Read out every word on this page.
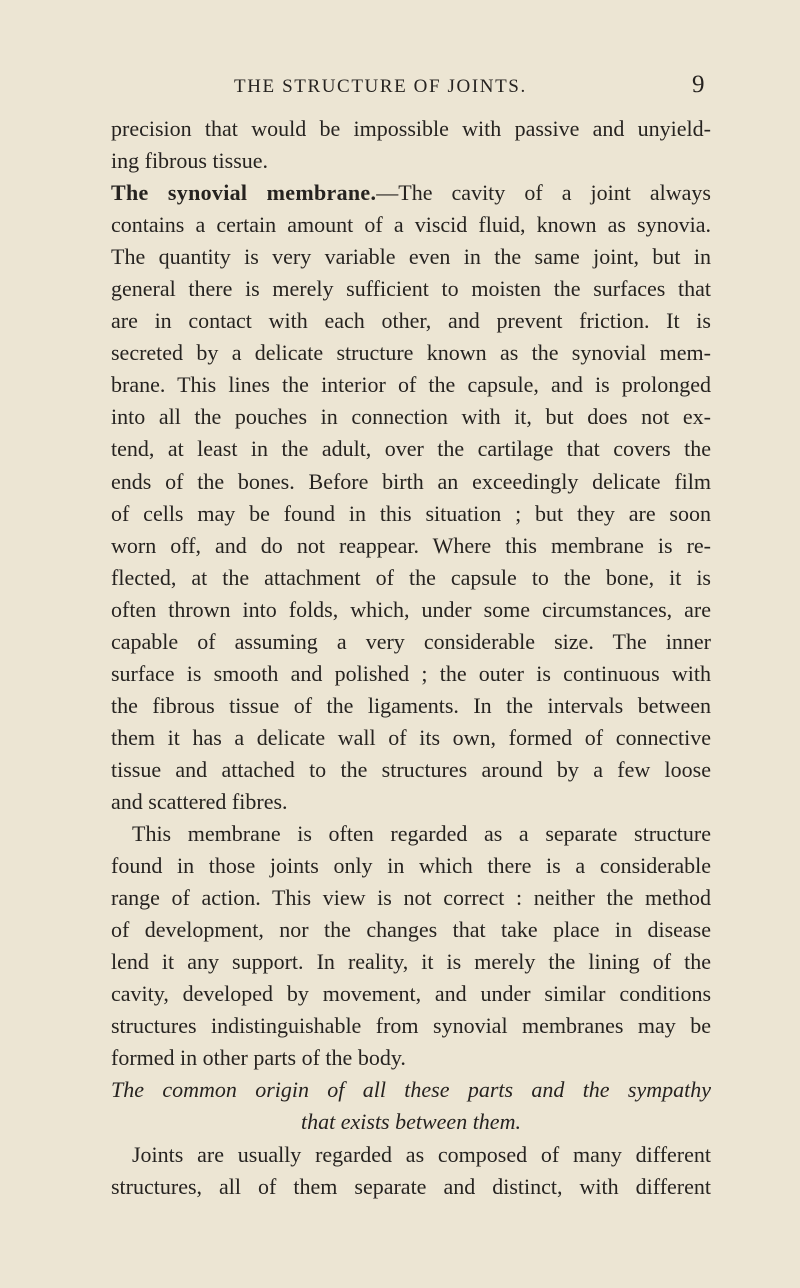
THE STRUCTURE OF JOINTS.	9
precision that would be impossible with passive and unyield-
ing fibrous tissue.
The synovial membrane.—The cavity of a joint always
contains a certain amount of a viscid fluid, known as synovia.
The quantity is very variable even in the same joint, but in
general there is merely sufficient to moisten the surfaces that
are in contact with each other, and prevent friction. It is
secreted by a delicate structure known as the synovial mem-
brane. This lines the interior of the capsule, and is prolonged
into all the pouches in connection with it, but does not ex-
tend, at least in the adult, over the cartilage that covers the
ends of the bones. Before birth an exceedingly delicate film
of cells may be found in this situation ; but they are soon
worn off, and do not reappear. Where this membrane is re-
flected, at the attachment of the capsule to the bone, it is
often thrown into folds, which, under some circumstances, are
capable of assuming a very considerable size. The inner
surface is smooth and polished ; the outer is continuous with
the fibrous tissue of the ligaments. In the intervals between
them it has a delicate wall of its own, formed of connective
tissue and attached to the structures around by a few loose
and scattered fibres.
This membrane is often regarded as a separate structure
found in those joints only in which there is a considerable
range of action. This view is not correct : neither the method
of development, nor the changes that take place in disease
lend it any support. In reality, it is merely the lining of the
cavity, developed by movement, and under similar conditions
structures indistinguishable from synovial membranes may be
formed in other parts of the body.
The common origin of all these parts and the sympathy
that exists between them.
Joints are usually regarded as composed of many different
structures, all of them separate and distinct, with different
